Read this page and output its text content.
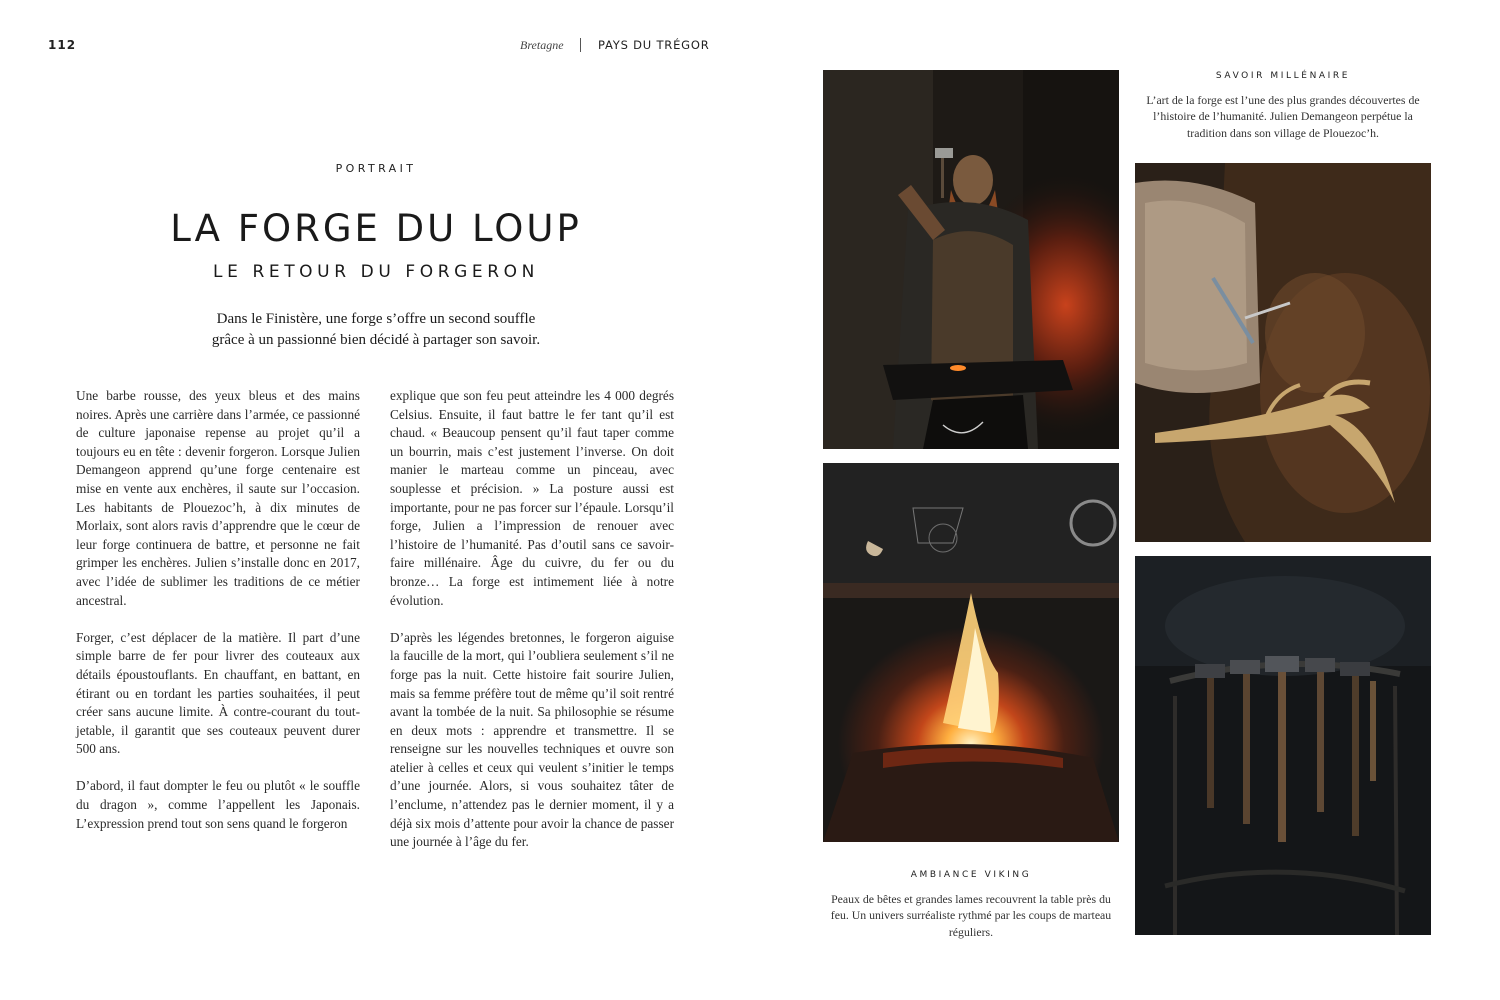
112	Bretagne	PAYS DU TRÉGOR
PORTRAIT
LA FORGE DU LOUP
LE RETOUR DU FORGERON
Dans le Finistère, une forge s’offre un second souffle
grâce à un passionné bien décidé à partager son savoir.

Une barbe rousse, des yeux bleus et des mains noires. Après une carrière dans l’armée, ce passionné de culture japonaise repense au projet qu’il a toujours eu en tête : devenir forgeron. Lorsque Julien Demangeon apprend qu’une forge centenaire est mise en vente aux enchères, il saute sur l’occasion. Les habitants de Plouezoc’h, à dix minutes de Morlaix, sont alors ravis d’apprendre que le cœur de leur forge continuera de battre, et personne ne fait grimper les enchères. Julien s’installe donc en 2017, avec l’idée de sublimer les traditions de ce métier ancestral.

Forger, c’est déplacer de la matière. Il part d’une simple barre de fer pour livrer des couteaux aux détails époustouflants. En chauffant, en battant, en étirant ou en tordant les parties souhaitées, il peut créer sans aucune limite. À contre-courant du tout-jetable, il garantit que ses couteaux peuvent durer 500 ans.

D’abord, il faut dompter le feu ou plutôt « le souffle du dragon », comme l’appellent les Japonais. L’expression prend tout son sens quand le forgeron

explique que son feu peut atteindre les 4 000 degrés Celsius. Ensuite, il faut battre le fer tant qu’il est chaud. « Beaucoup pensent qu’il faut taper comme un bourrin, mais c’est justement l’inverse. On doit manier le marteau comme un pinceau, avec souplesse et précision. » La posture aussi est importante, pour ne pas forcer sur l’épaule. Lorsqu’il forge, Julien a l’impression de renouer avec l’histoire de l’humanité. Pas d’outil sans ce savoir-faire millénaire. Âge du cuivre, du fer ou du bronze… La forge est intimement liée à notre évolution.

D’après les légendes bretonnes, le forgeron aiguise la faucille de la mort, qui l’oubliera seulement s’il ne forge pas la nuit. Cette histoire fait sourire Julien, mais sa femme préfère tout de même qu’il soit rentré avant la tombée de la nuit. Sa philosophie se résume en deux mots : apprendre et transmettre. Il se renseigne sur les nouvelles techniques et ouvre son atelier à celles et ceux qui veulent s’initier le temps d’une journée. Alors, si vous souhaitez tâter de l’enclume, n’attendez pas le dernier moment, il y a déjà six mois d’attente pour avoir la chance de passer une journée à l’âge du fer.

SAVOIR MILLÉNAIRE
L’art de la forge est l’une des plus grandes découvertes de l’histoire de l’humanité. Julien Demangeon perpétue la tradition dans son village de Plouezoc’h.
AMBIANCE VIKING
Peaux de bêtes et grandes lames recouvrent la table près du feu. Un univers surréaliste rythmé par les coups de marteau réguliers.
